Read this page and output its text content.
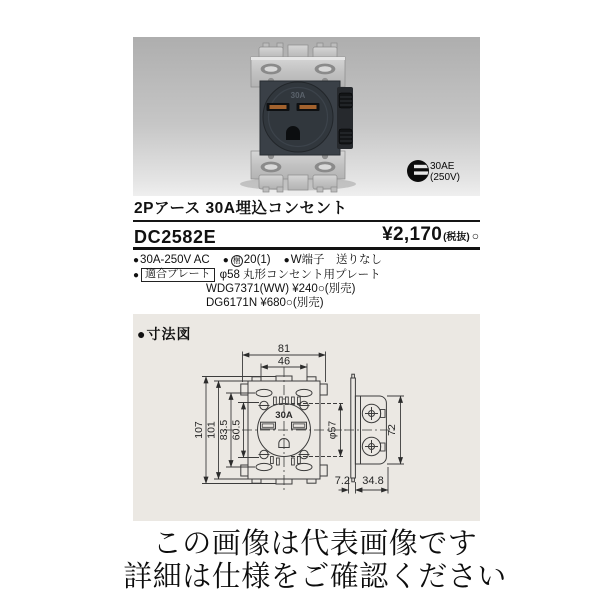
30A
30AE
(250V)
2Pアース 30A埋込コンセント
DC2582E	¥2,170 (税抜) ○
● 30A-250V AC ● 梱 20(1) ● W端子　送りなし
● 適合プレート φ58 丸形コンセント用プレート
WDG7371(WW) ¥240○(別売)
DG6171N ¥680○(別売)
●寸法図
81
46
107 101 83.5 60.5	φ57	72
7.2 34.8
30A
この画像は代表画像です
詳細は仕様をご確認ください
